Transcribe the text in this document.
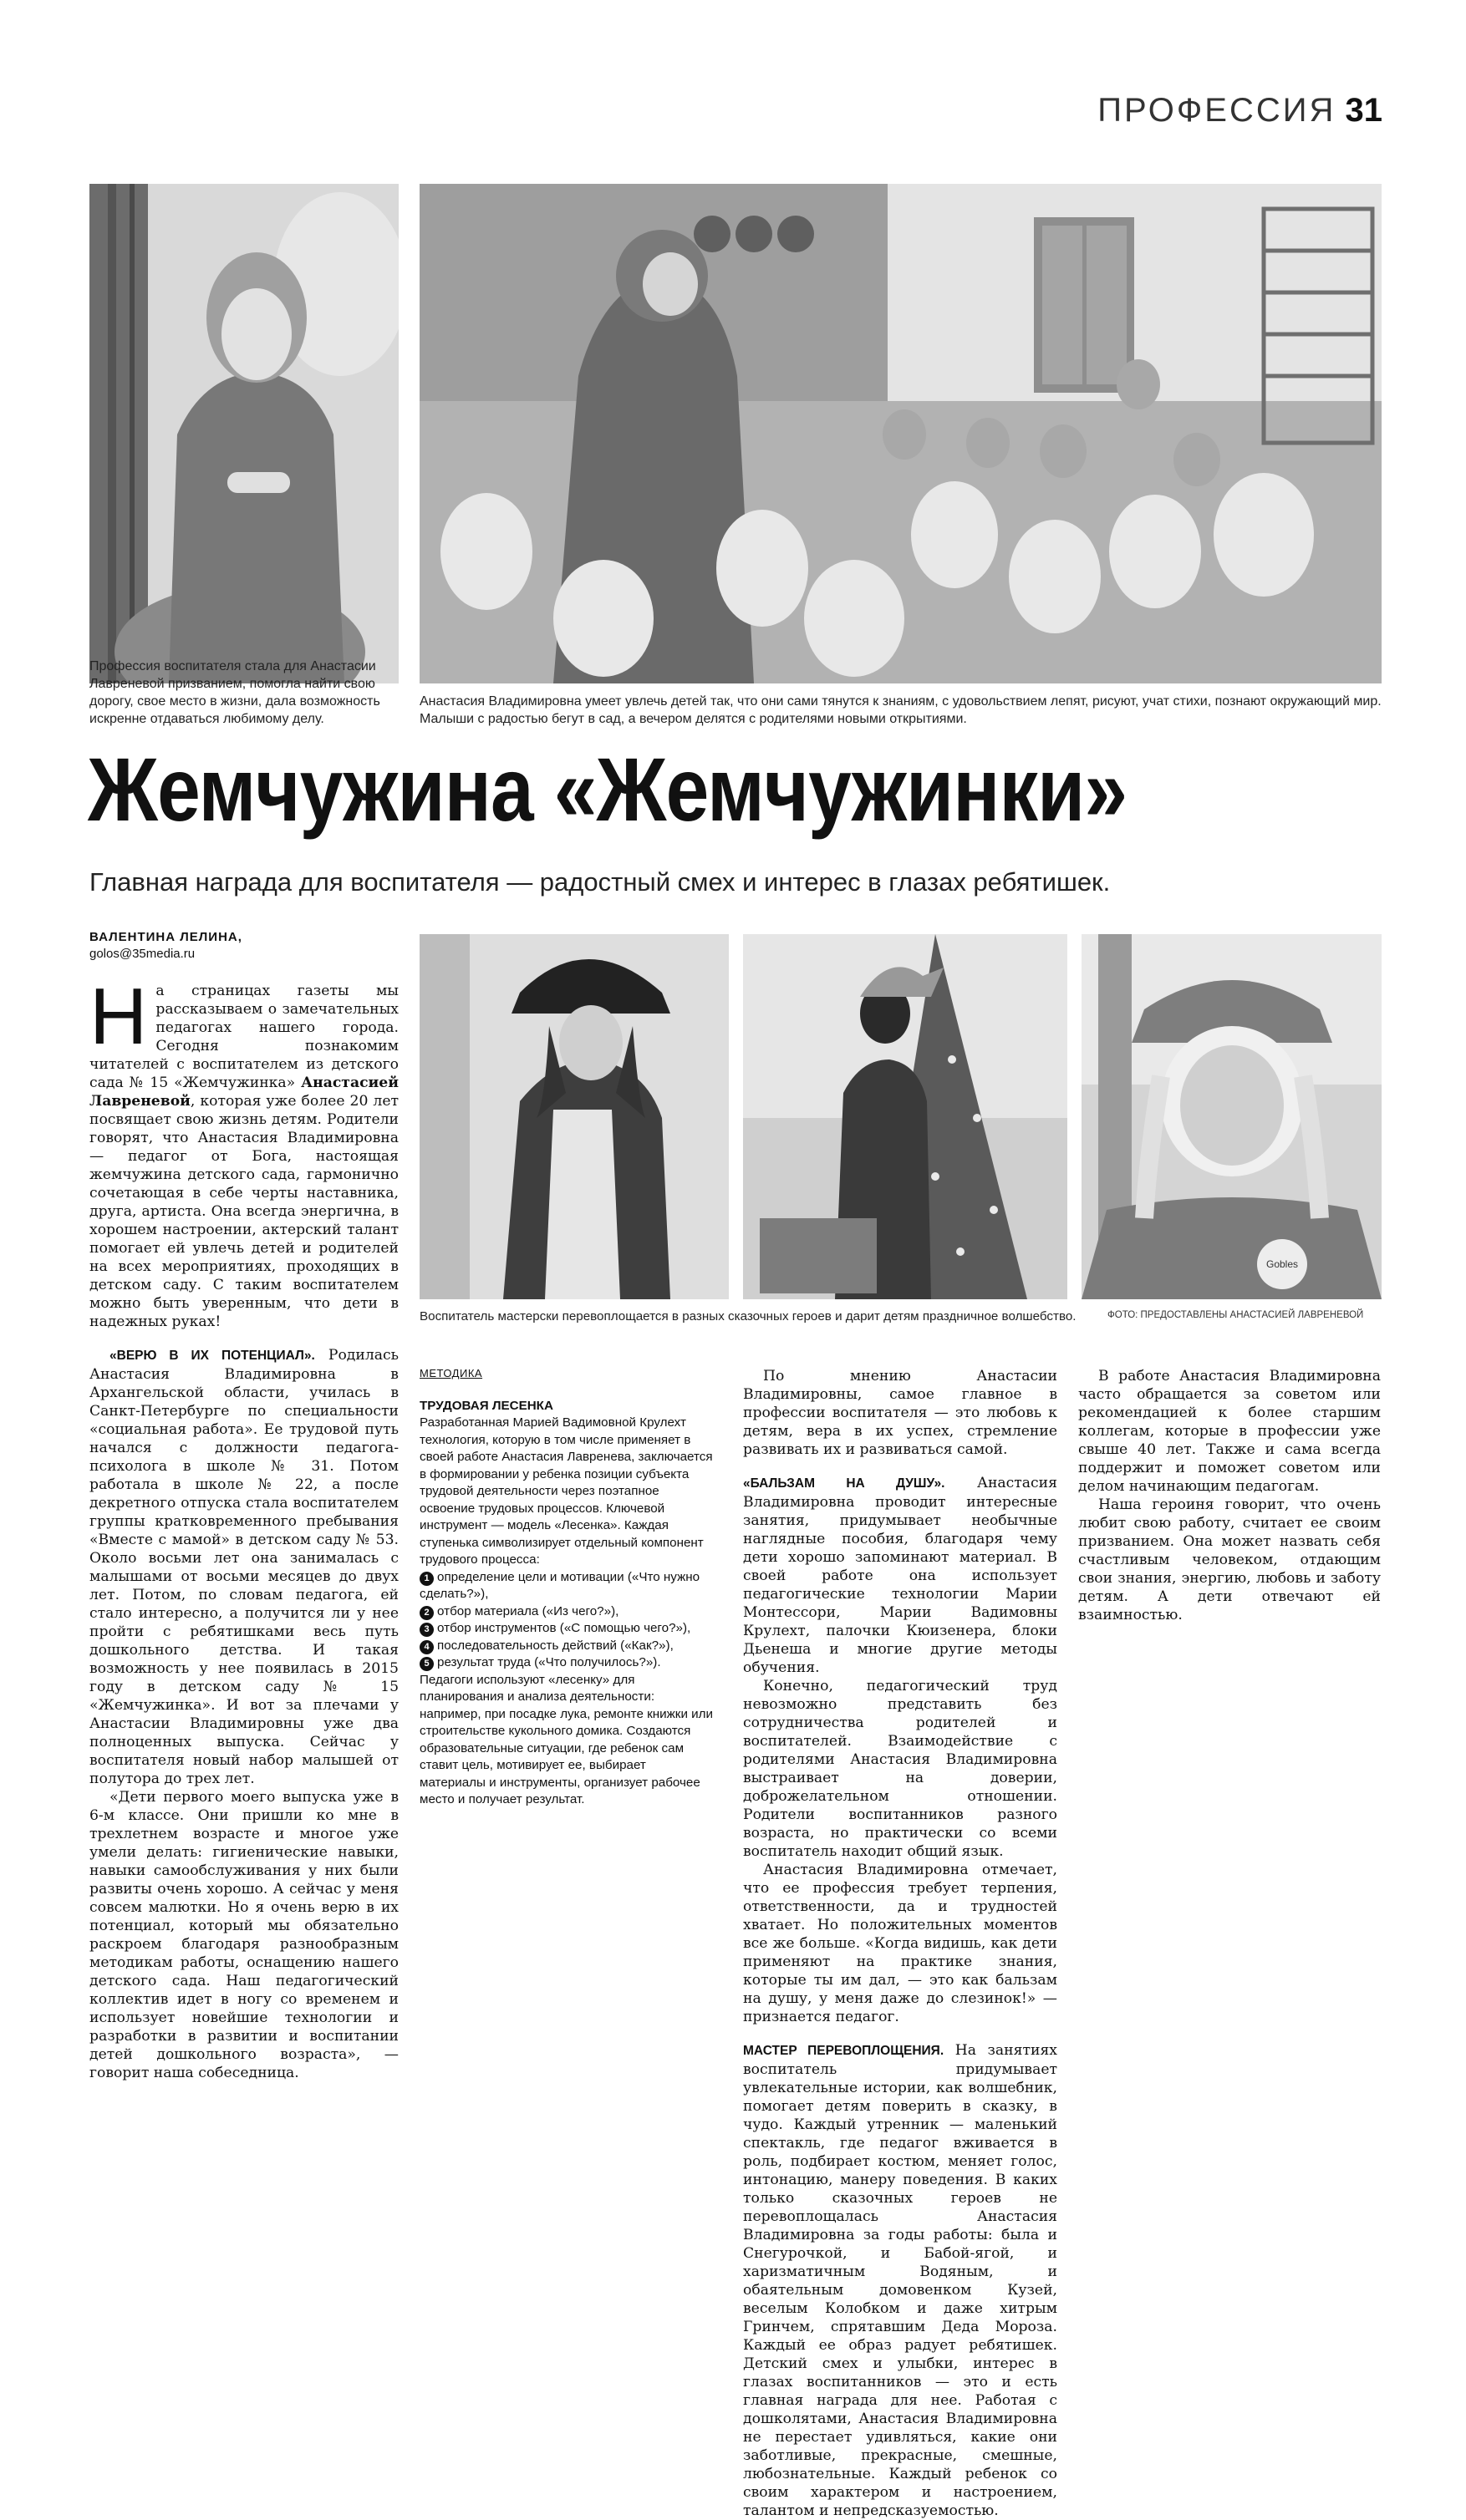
ПРОФЕССИЯ 31
Профессия воспитателя стала для Анастасии Лавреневой призванием, помогла найти свою дорогу, свое место в жизни, дала возможность искренне отдаваться любимому делу.
Анастасия Владимировна умеет увлечь детей так, что они сами тянутся к знаниям, с удовольствием лепят, рисуют, учат стихи, познают окружающий мир. Малыши с радостью бегут в сад, а вечером делятся с родителями новыми открытиями.
Жемчужина «Жемчужинки»
Главная награда для воспитателя — радостный смех и интерес в глазах ребятишек.
ВАЛЕНТИНА ЛЕЛИНА,
golos@35media.ru
Gobles
Воспитатель мастерски перевоплощается в разных сказочных героев и дарит детям праздничное волшебство.	ФОТО: ПРЕДОСТАВЛЕНЫ АНАСТАСИЕЙ ЛАВРЕНЕВОЙ

На страницах газеты мы рассказываем о замечательных педагогах нашего города. Сегодня познакомим читателей с воспитателем из детского сада № 15 «Жемчужинка» Анастасией Лавреневой, которая уже более 20 лет посвящает свою жизнь детям. Родители говорят, что Анастасия Владимировна — педагог от Бога, настоящая жемчужина детского сада, гармонично сочетающая в себе черты наставника, друга, артиста. Она всегда энергична, в хорошем настроении, актерский талант помогает ей увлечь детей и родителей на всех мероприятиях, проходящих в детском саду. С таким воспитателем можно быть уверенным, что дети в надежных руках!

«ВЕРЮ В ИХ ПОТЕНЦИАЛ». Родилась Анастасия Владимировна в Архангельской области, училась в Санкт-Петербурге по специальности «социальная работа». Ее трудовой путь начался с должности педагога-психолога в школе № 31. Потом работала в школе № 22, а после декретного отпуска стала воспитателем группы кратковременного пребывания «Вместе с мамой» в детском саду № 53. Около восьми лет она занималась с малышами от восьми месяцев до двух лет. Потом, по словам педагога, ей стало интересно, а получится ли у нее пройти с ребятишками весь путь дошкольного детства. И такая возможность у нее появилась в 2015 году в детском саду № 15 «Жемчужинка». И вот за плечами у Анастасии Владимировны уже два полноценных выпуска. Сейчас у воспитателя новый набор малышей от полутора до трех лет.

«Дети первого моего выпуска уже в 6-м классе. Они пришли ко мне в трехлетнем возрасте и многое уже умели делать: гигиенические навыки, навыки самообслуживания у них были развиты очень хорошо. А сейчас у меня совсем малютки. Но я очень верю в их потенциал, который мы обязательно раскроем благодаря разнообразным методикам работы, оснащению нашего детского сада. Наш педагогический коллектив идет в ногу со временем и использует новейшие технологии и разработки в развитии и воспитании детей дошкольного возраста», — говорит наша собеседница.

МЕТОДИКА
ТРУДОВАЯ ЛЕСЕНКА
Разработанная Марией Вадимовной Крулехт технология, которую в том числе применяет в своей работе Анастасия Лавренева, заключается в формировании у ребенка позиции субъекта трудовой деятельности через поэтапное освоение трудовых процессов. Ключевой инструмент — модель «Лесенка». Каждая ступенька символизирует отдельный компонент трудового процесса:
1 определение цели и мотивации («Что нужно сделать?»),
2 отбор материала («Из чего?»),
3 отбор инструментов («С помощью чего?»),
4 последовательность действий («Как?»),
5 результат труда («Что получилось?»).
Педагоги используют «лесенку» для планирования и анализа деятельности: например, при посадке лука, ремонте книжки или строительстве кукольного домика. Создаются образовательные ситуации, где ребенок сам ставит цель, мотивирует ее, выбирает материалы и инструменты, организует рабочее место и получает результат.

По мнению Анастасии Владимировны, самое главное в профессии воспитателя — это любовь к детям, вера в их успех, стремление развивать их и развиваться самой.

«БАЛЬЗАМ НА ДУШУ». Анастасия Владимировна проводит интересные занятия, придумывает необычные наглядные пособия, благодаря чему дети хорошо запоминают материал. В своей работе она использует педагогические технологии Марии Монтессори, Марии Вадимовны Крулехт, палочки Кюизенера, блоки Дьенеша и многие другие методы обучения.

Конечно, педагогический труд невозможно представить без сотрудничества родителей и воспитателей. Взаимодействие с родителями Анастасия Владимировна выстраивает на доверии, доброжелательном отношении. Родители воспитанников разного возраста, но практически со всеми воспитатель находит общий язык.

Анастасия Владимировна отмечает, что ее профессия требует терпения, ответственности, да и трудностей хватает. Но положительных моментов все же больше. «Когда видишь, как дети применяют на практике знания, которые ты им дал, — это как бальзам на душу, у меня даже до слезинок!» — признается педагог.

МАСТЕР ПЕРЕВОПЛОЩЕНИЯ. На занятиях воспитатель придумывает увлекательные истории, как волшебник, помогает детям поверить в сказку, в чудо. Каждый утренник — маленький спектакль, где педагог вживается в роль, подбирает костюм, меняет голос, интонацию, манеру поведения. В каких только сказочных героев не перевоплощалась Анастасия Владимировна за годы работы: была и Снегурочкой, и Бабой-ягой, и харизматичным Водяным, и обаятельным домовенком Кузей, веселым Колобком и даже хитрым Гринчем, спрятавшим Деда Мороза. Каждый ее образ радует ребятишек. Детский смех и улыбки, интерес в глазах воспитанников — это и есть главная награда для нее. Работая с дошколятами, Анастасия Владимировна не перестает удивляться, какие они заботливые, прекрасные, смешные, любознательные. Каждый ребенок со своим характером и настроением, талантом и непредсказуемостью.

В работе Анастасия Владимировна часто обращается за советом или рекомендацией к более старшим коллегам, которые в профессии уже свыше 40 лет. Также и сама всегда поддержит и поможет советом или делом начинающим педагогам.

Наша героиня говорит, что очень любит свою работу, считает ее своим призванием. Она может назвать себя счастливым человеком, отдающим свои знания, энергию, любовь и заботу детям. А дети отвечают ей взаимностью.
